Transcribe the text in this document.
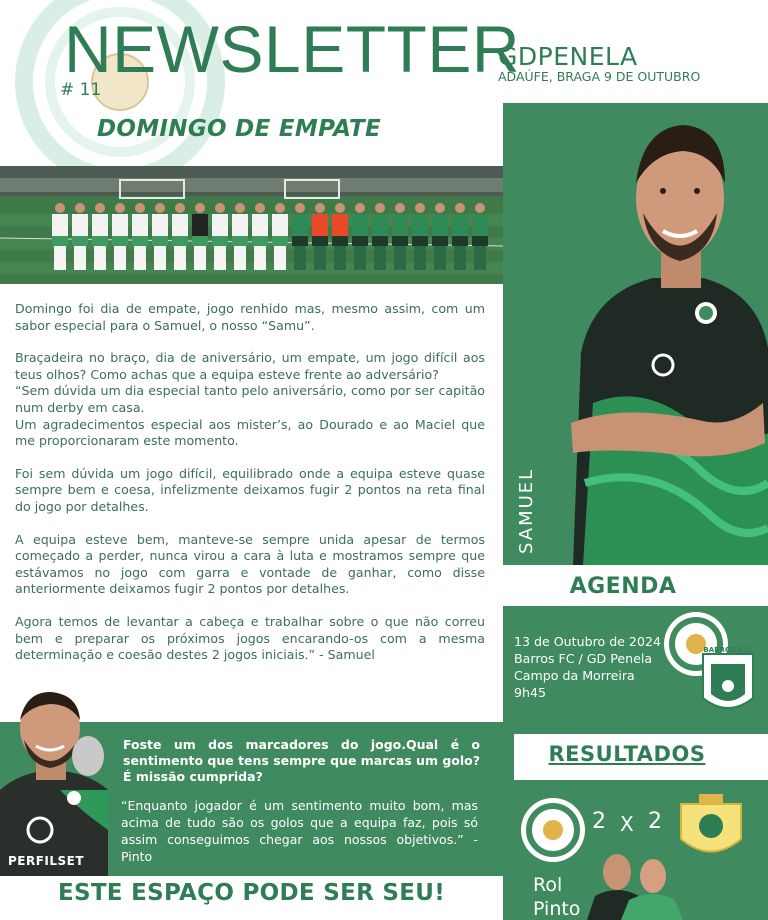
NEWSLETTER
# 11
GDPENELA
ADAÚFE, BRAGA 9 DE OUTUBRO
DOMINGO DE EMPATE

Domingo foi dia de empate, jogo renhido mas, mesmo assim, com um sabor especial para o Samuel, o nosso “Samu”.

Braçadeira no braço, dia de aniversário, um empate, um jogo difícil aos teus olhos? Como achas que a equipa esteve frente ao adversário?

“Sem dúvida um dia especial tanto pelo aniversário, como por ser capitão num derby em casa.

Um agradecimentos especial aos mister’s, ao Dourado e ao Maciel que me proporcionaram este momento.

Foi sem dúvida um jogo difícil, equilibrado onde a equipa esteve quase sempre bem e coesa, infelizmente deixamos fugir 2 pontos na reta final do jogo por detalhes.

A equipa esteve bem, manteve-se sempre unida apesar de termos começado a perder, nunca virou a cara à luta e mostramos sempre que estávamos no jogo com garra e vontade de ganhar, como disse anteriormente deixamos fugir 2 pontos por detalhes.

Agora temos de levantar a cabeça e trabalhar sobre o que não correu bem e preparar os próximos jogos encarando-os com a mesma determinação e coesão destes 2 jogos iniciais.” - Samuel

SAMUEL
AGENDA
BARROS F.C.
13 de Outubro de 2024
Barros FC / GD Penela
Campo da Morreira
9h45
RESULTADOS
2 X 2
Rol
Pinto
PERFILSET
Foste um dos marcadores do jogo.Qual é o sentimento que tens sempre que marcas um golo? É missão cumprida?
“Enquanto jogador é um sentimento muito bom, mas acima de tudo são os golos que a equipa faz, pois só assim conseguimos chegar aos nossos objetivos.” - Pinto
ESTE ESPAÇO PODE SER SEU!
